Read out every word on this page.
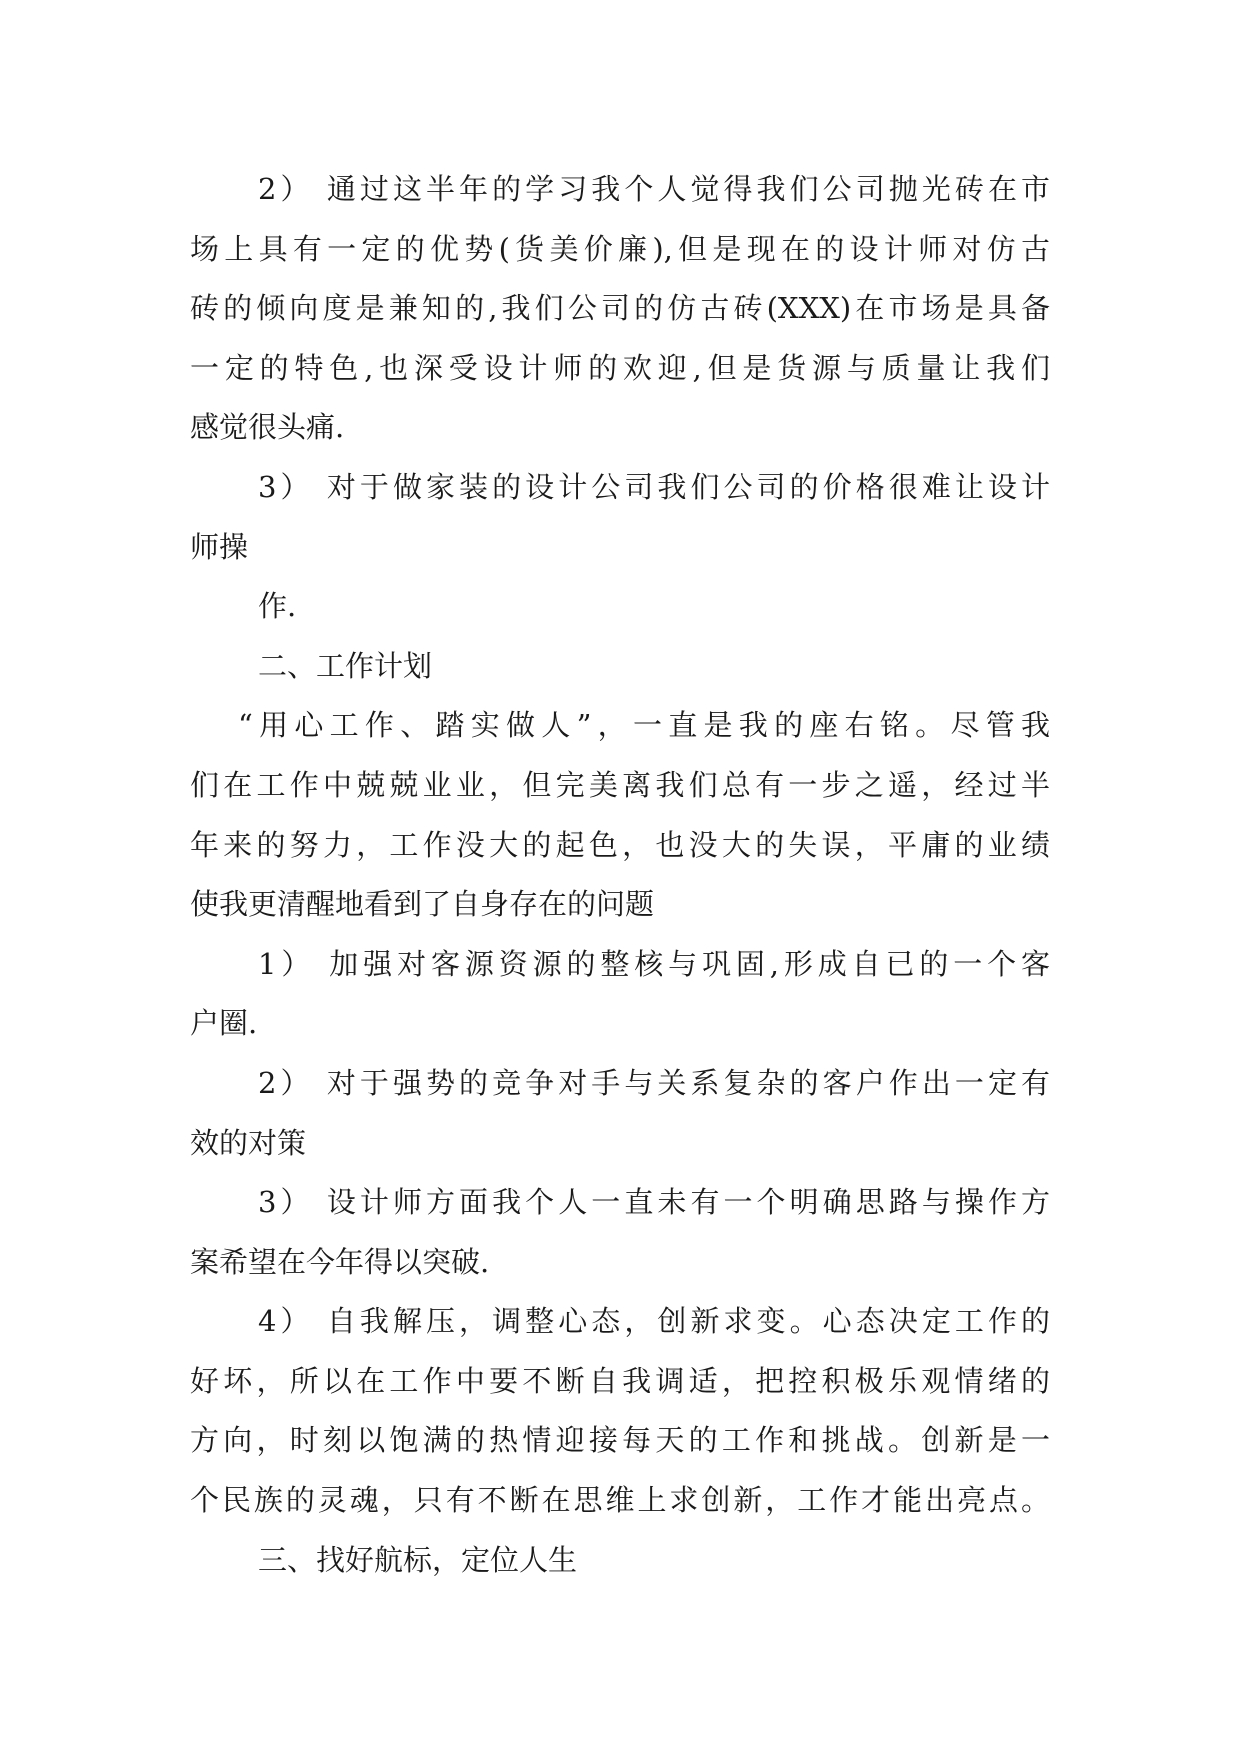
2） 通过这半年的学习我个人觉得我们公司抛光砖在市
场上具有一定的优势(货美价廉),但是现在的设计师对仿古
砖的倾向度是兼知的,我们公司的仿古砖(XXX)在市场是具备
一定的特色,也深受设计师的欢迎,但是货源与质量让我们
感觉很头痛.
3） 对于做家装的设计公司我们公司的价格很难让设计
师操
作.
二、工作计划
“用心工作、踏实做人”，一直是我的座右铭。尽管我
们在工作中兢兢业业，但完美离我们总有一步之遥，经过半
年来的努力，工作没大的起色，也没大的失误，平庸的业绩
使我更清醒地看到了自身存在的问题
1） 加强对客源资源的整核与巩固,形成自已的一个客
户圈.
2） 对于强势的竞争对手与关系复杂的客户作出一定有
效的对策
3） 设计师方面我个人一直未有一个明确思路与操作方
案希望在今年得以突破.
4） 自我解压，调整心态，创新求变。心态决定工作的
好坏，所以在工作中要不断自我调适，把控积极乐观情绪的
方向，时刻以饱满的热情迎接每天的工作和挑战。创新是一
个民族的灵魂，只有不断在思维上求创新，工作才能出亮点。
三、找好航标，定位人生
